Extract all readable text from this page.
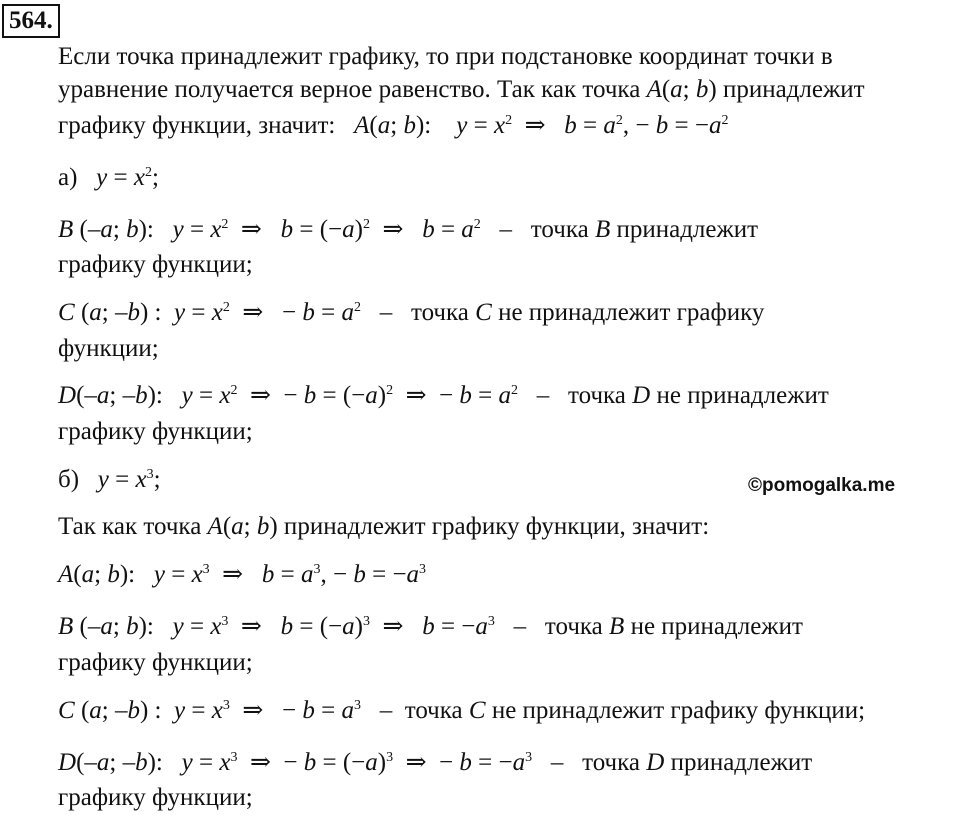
564.
©pomogalka.me
Если точка принадлежит графику, то при подстановке координат точки в
уравнение получается верное равенство. Так как точка A(a; b) принадлежит
графику функции, значит:   A(a; b):    $y = x^2$  ⇒   $b = a^2$, − $b = -a^2$
а)   $y = x^2$;
B (–a; b):   $y = x^2$  ⇒   $b = (-a)^2$  ⇒   $b = a^2$   –   точка B принадлежит
графику функции;
C (a; –b) :  $y = x^2$  ⇒   − $b = a^2$   –   точка C не принадлежит графику
функции;
D(–a; –b):   $y = x^2$  ⇒  − $b = (-a)^2$  ⇒  − $b = a^2$   –   точка D не принадлежит
графику функции;
б)   $y = x^3$;
Так как точка A(a; b) принадлежит графику функции, значит:
A(a; b):   $y = x^3$  ⇒   $b = a^3$, − $b = -a^3$
B (–a; b):   $y = x^3$  ⇒   $b = (-a)^3$  ⇒   $b = -a^3$   –   точка B не принадлежит
графику функции;
C (a; –b) :  $y = x^3$  ⇒   − $b = a^3$   –  точка C не принадлежит графику функции;
D(–a; –b):   $y = x^3$  ⇒  − $b = (-a)^3$  ⇒  − $b = -a^3$   –   точка D принадлежит
графику функции;
